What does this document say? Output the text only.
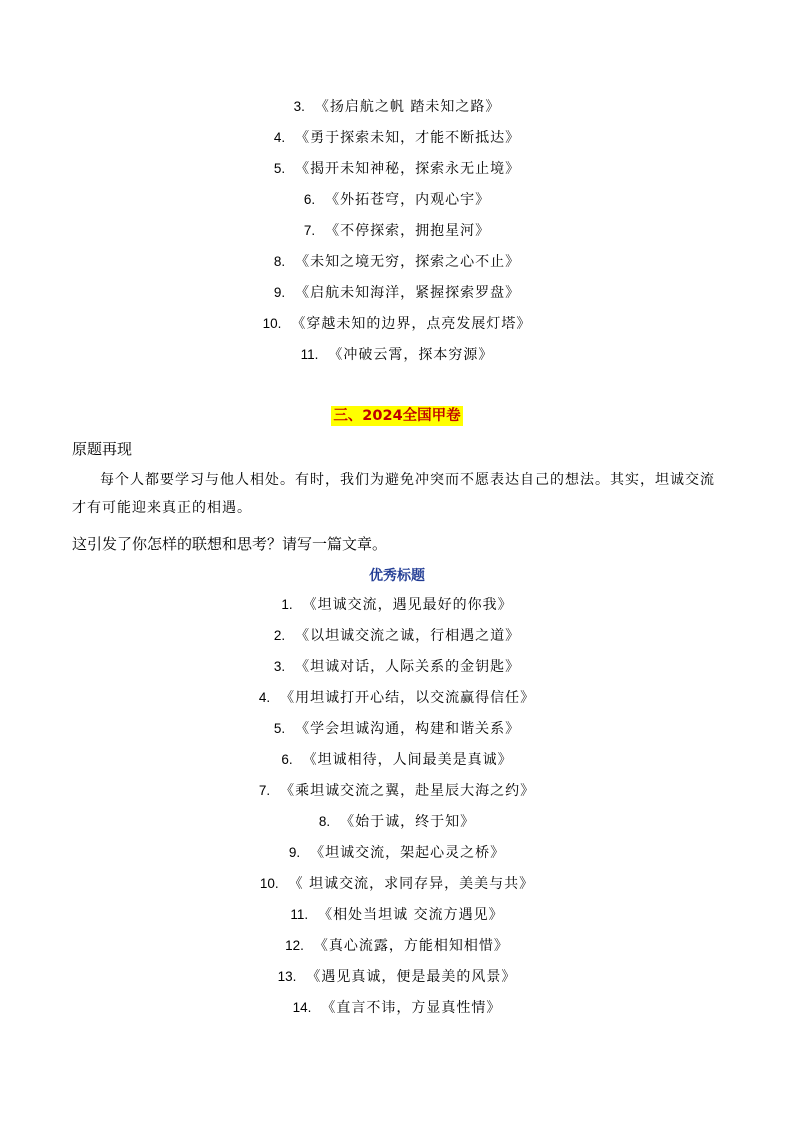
3. 《扬启航之帆 踏未知之路》
4. 《勇于探索未知，才能不断抵达》
5. 《揭开未知神秘，探索永无止境》
6. 《外拓苍穹，内观心宇》
7. 《不停探索，拥抱星河》
8. 《未知之境无穷，探索之心不止》
9. 《启航未知海洋，紧握探索罗盘》
10. 《穿越未知的边界，点亮发展灯塔》
11. 《冲破云霄，探本穷源》
三、2024全国甲卷
原题再现

每个人都要学习与他人相处。有时，我们为避免冲突而不愿表达自己的想法。其实，坦诚交流才有可能迎来真正的相遇。

这引发了你怎样的联想和思考？请写一篇文章。
优秀标题
1. 《坦诚交流，遇见最好的你我》
2. 《以坦诚交流之诚，行相遇之道》
3. 《坦诚对话，人际关系的金钥匙》
4. 《用坦诚打开心结，以交流赢得信任》
5. 《学会坦诚沟通，构建和谐关系》
6. 《坦诚相待，人间最美是真诚》
7. 《乘坦诚交流之翼，赴星辰大海之约》
8. 《始于诚，终于知》
9. 《坦诚交流，架起心灵之桥》
10. 《 坦诚交流，求同存异，美美与共》
11. 《相处当坦诚 交流方遇见》
12. 《真心流露，方能相知相惜》
13. 《遇见真诚，便是最美的风景》
14. 《直言不讳，方显真性情》
